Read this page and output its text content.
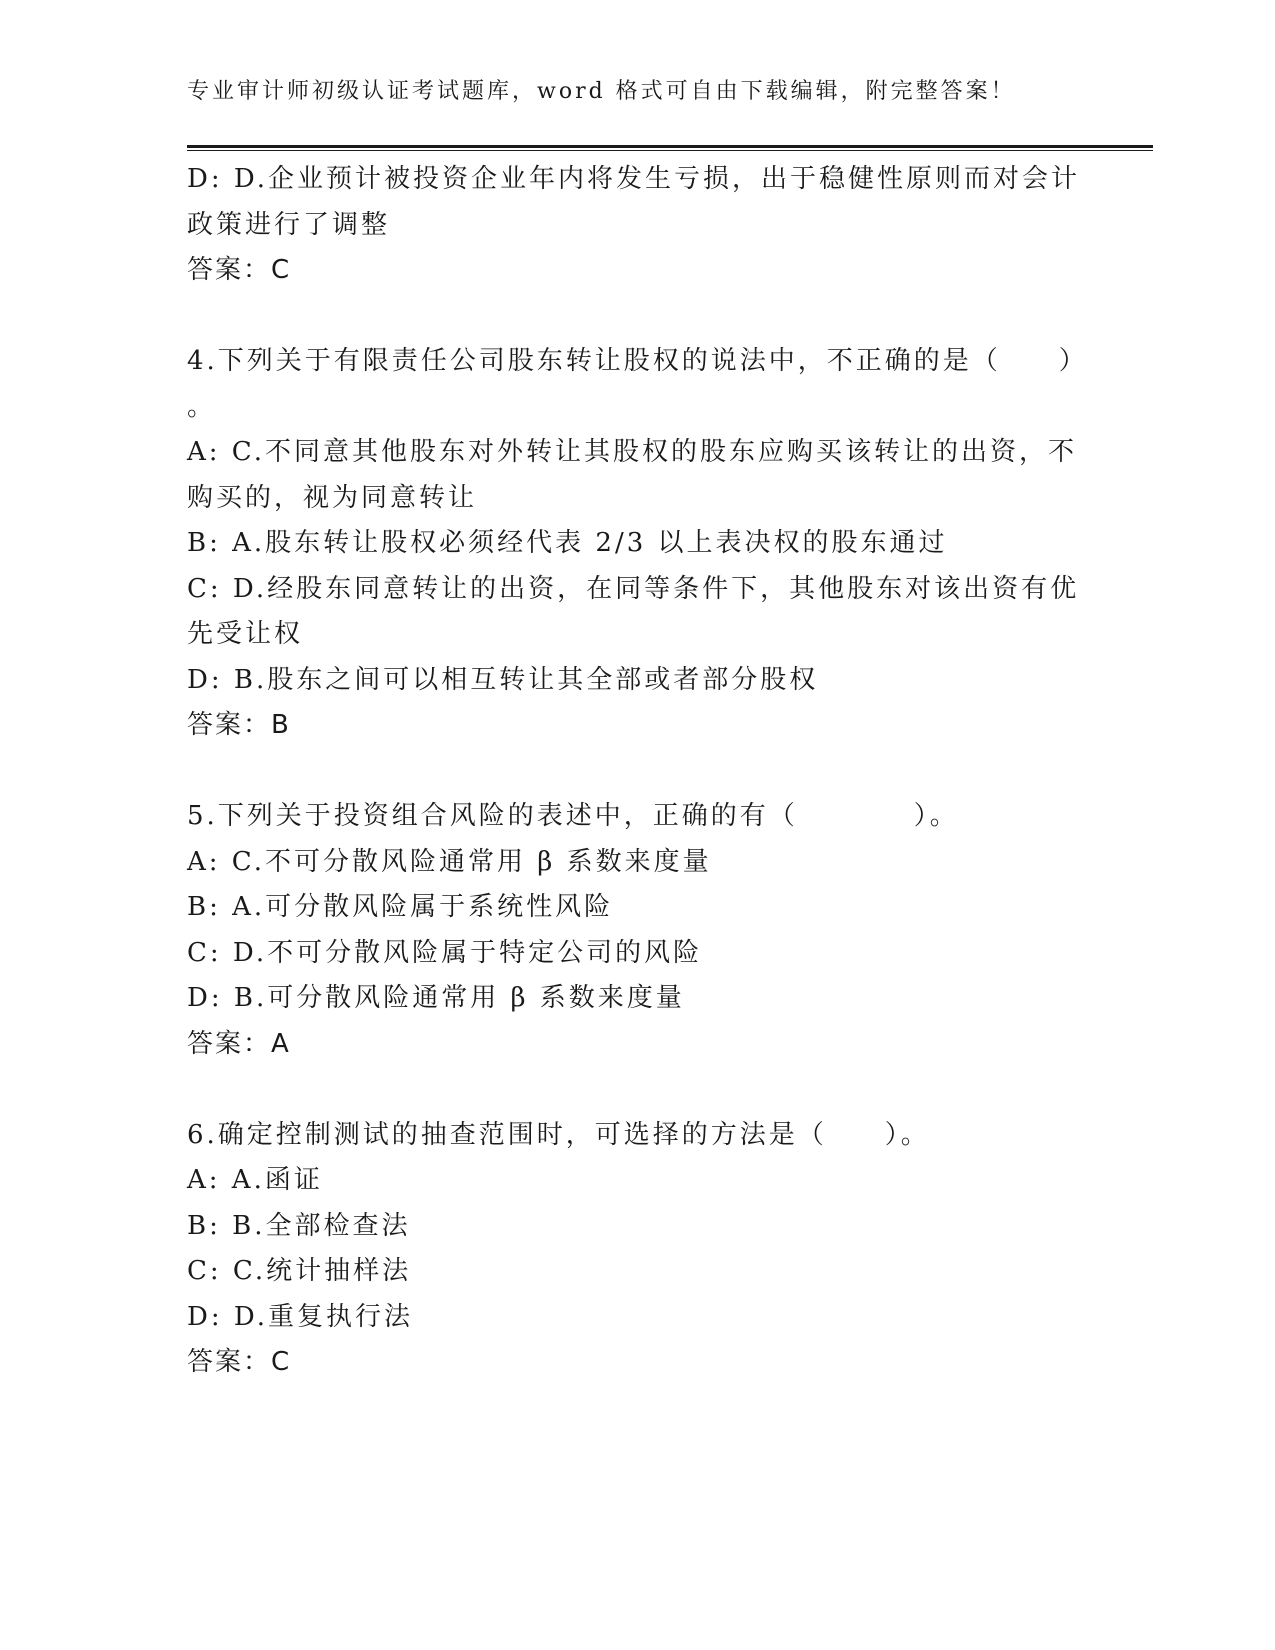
专业审计师初级认证考试题库，word 格式可自由下载编辑，附完整答案！
D: D.企业预计被投资企业年内将发生亏损，出于稳健性原则而对会计
政策进行了调整
答案：C
4.下列关于有限责任公司股东转让股权的说法中，不正确的是（　　）
。
A: C.不同意其他股东对外转让其股权的股东应购买该转让的出资，不
购买的，视为同意转让
B: A.股东转让股权必须经代表 2/3 以上表决权的股东通过
C: D.经股东同意转让的出资，在同等条件下，其他股东对该出资有优
先受让权
D: B.股东之间可以相互转让其全部或者部分股权
答案：B
5.下列关于投资组合风险的表述中，正确的有（　　　　）。
A: C.不可分散风险通常用 β 系数来度量
B: A.可分散风险属于系统性风险
C: D.不可分散风险属于特定公司的风险
D: B.可分散风险通常用 β 系数来度量
答案：A
6.确定控制测试的抽查范围时，可选择的方法是（　　）。
A: A.函证
B: B.全部检查法
C: C.统计抽样法
D: D.重复执行法
答案：C
